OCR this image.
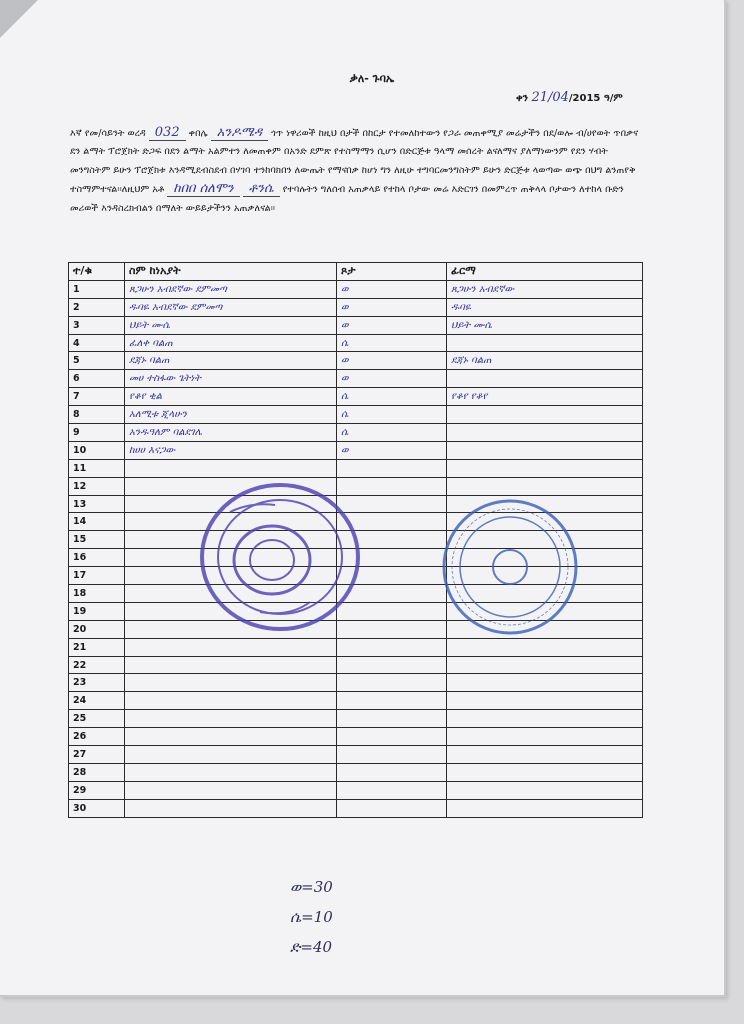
ቃለ- ጉባኤ
ቀን 21/04/2015 ዓ/ም
እኛ የመ/ሳይንት ወረዳ 032 ቀበሌ አንዶሜዳ ጎጥ ነዋሪወች ከዚህ በታች በከርታ የተመለከተውን የጋራ መጠቀሚያ መሬታችን በደ/ወሎ ብ/ሀየወት ጥበቃና ደን ልማት ፕሮጀክት ድጋፍ በደን ልማት አልምተን ለመጠቀም በአንድ ደምጽ የተስማማን ሲሆን በድርጅቱ ዓላማ መሰረት ልናለማና ያለማነውንም የደን ሃብት መንግስትም ይሁን ፕሮጀክቱ እንዳሚደብስደብ በሃገባ ተንከባክበን ለውጤት የማናበቃ ከሆነ ግን ለዚሁ ተግባርመንግስትም ይሁን ድርጅቱ ላወጣው ወጭ በህግ ልንጠየቅ ተስማምተናል።ለዚህም አቶ ከበበ ሰለሞን ቶንሴ የተባሉትን ግለሰብ አጠቃላይ የተከላ ቦታው መሬ እድርገን በመምረጥ ጠቅላላ ቦታውን ለተከላ ቡድን መሪወች እንዳስረክብልን በማለት ውይይታችንን አጠቃለናል።
ተ/ቁ	ስም ከነአያት	ጾታ	ፊርማ
1	ጸጋሁን አብደኛው ደምመጣ	ወ	ጸጋሁን አብደኛው
2	ዱባዬ አብደኛው ደምመጣ	ወ	ዱባዬ
3	ህይት ሙሴ	ወ	ህይት ሙሴ
4	ፈለቀ ባልጠ	ሴ	
5	ደጃኑ ባልጠ	ወ	ደጃኑ ባልጠ
6	መሀ ተስፋው ጌትነት	ወ	
7	የቆየ ቂል	ሴ	የቆየ የቆየ
8	አለሚቱ ጂላሁን	ሴ	
9	አንዱዓለም ባልደገሌ	ሴ	
10	ከሀሀ እናጋው	ወ	
11			
12			
13			
14			
15			
16			
17			
18			
19			
20			
21			
22			
23			
24			
25			
26			
27			
28			
29			
30			
ወ=30
ሴ=10
ድ=40
